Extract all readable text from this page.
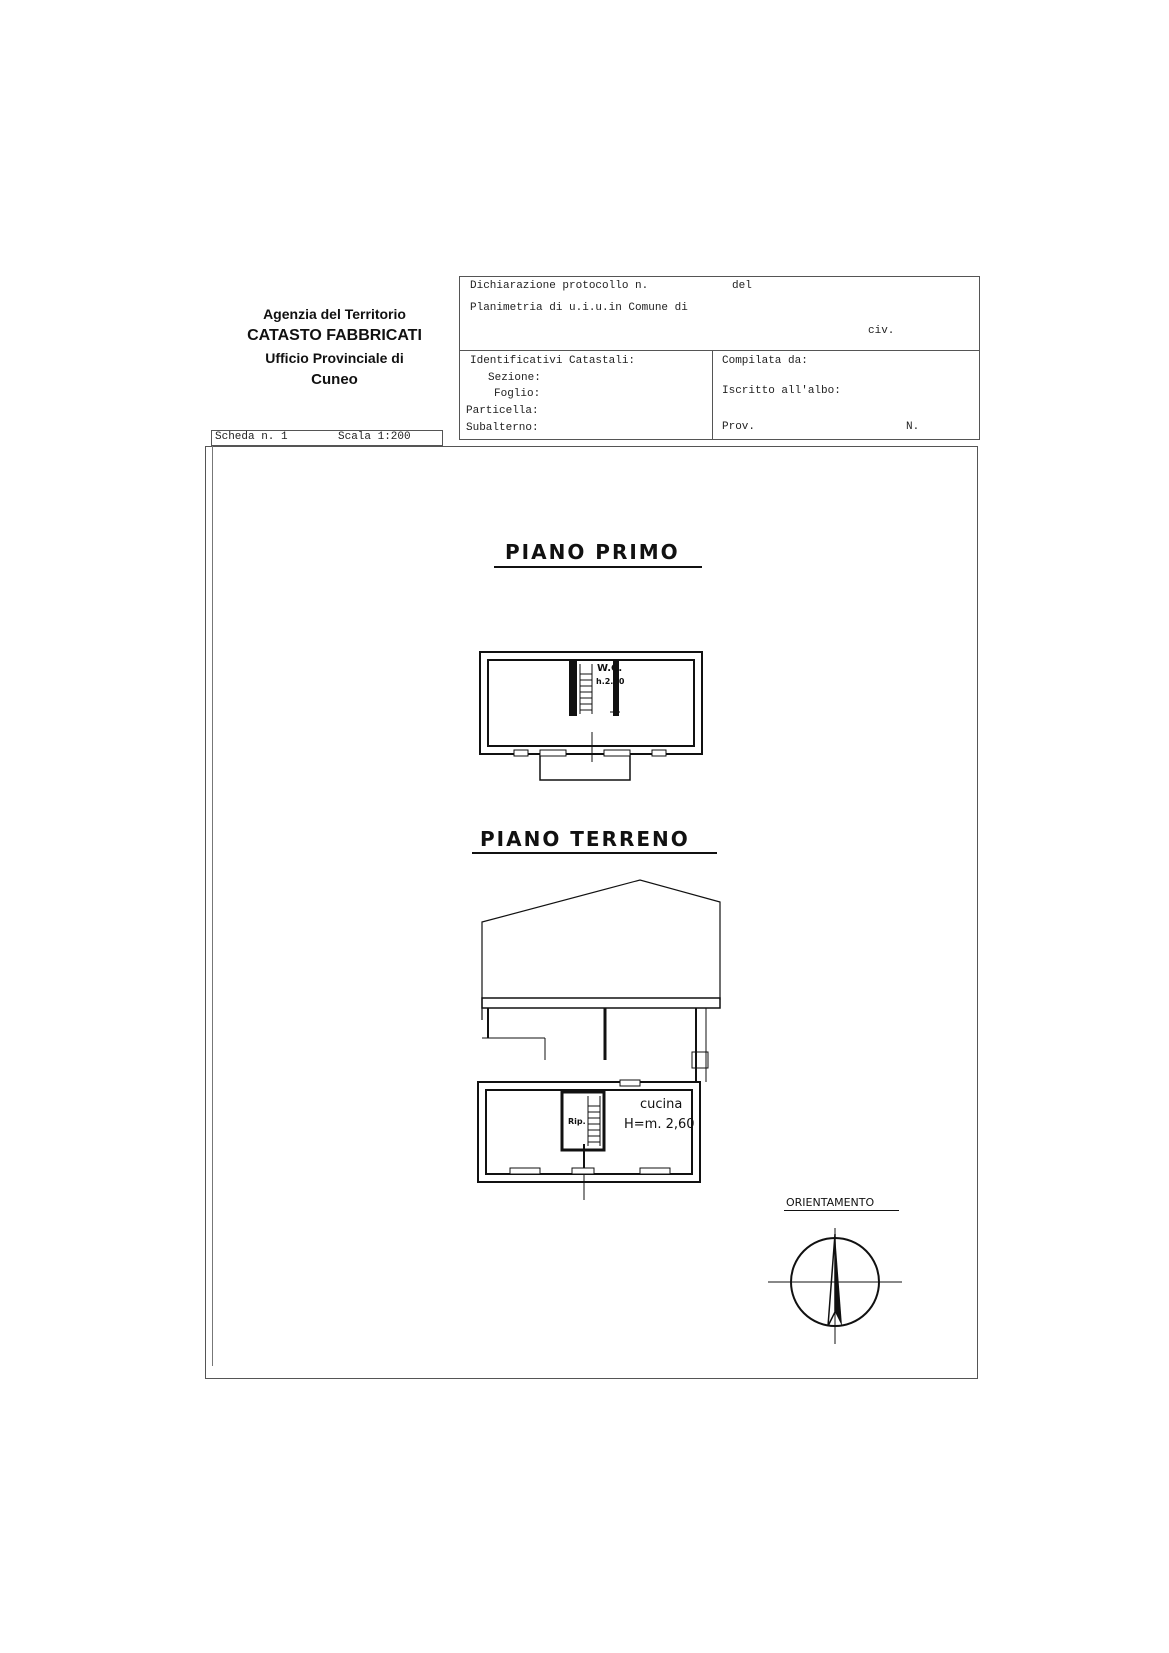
Agenzia del Territorio
CATASTO FABBRICATI
Ufficio Provinciale di
Cuneo
Dichiarazione protocollo n.	del
Planimetria di u.i.u.in Comune di
civ.
Identificativi Catastali:
Sezione:
Foglio:
Particella:
Subalterno:
Compilata da:
Iscritto all'albo:
Prov.	N.
Scheda n. 1	Scala 1:200
PIANO PRIMO
PIANO TERRENO
W.C.
h.2.50
Rip.
cucina
H=m. 2,60
ORIENTAMENTO
